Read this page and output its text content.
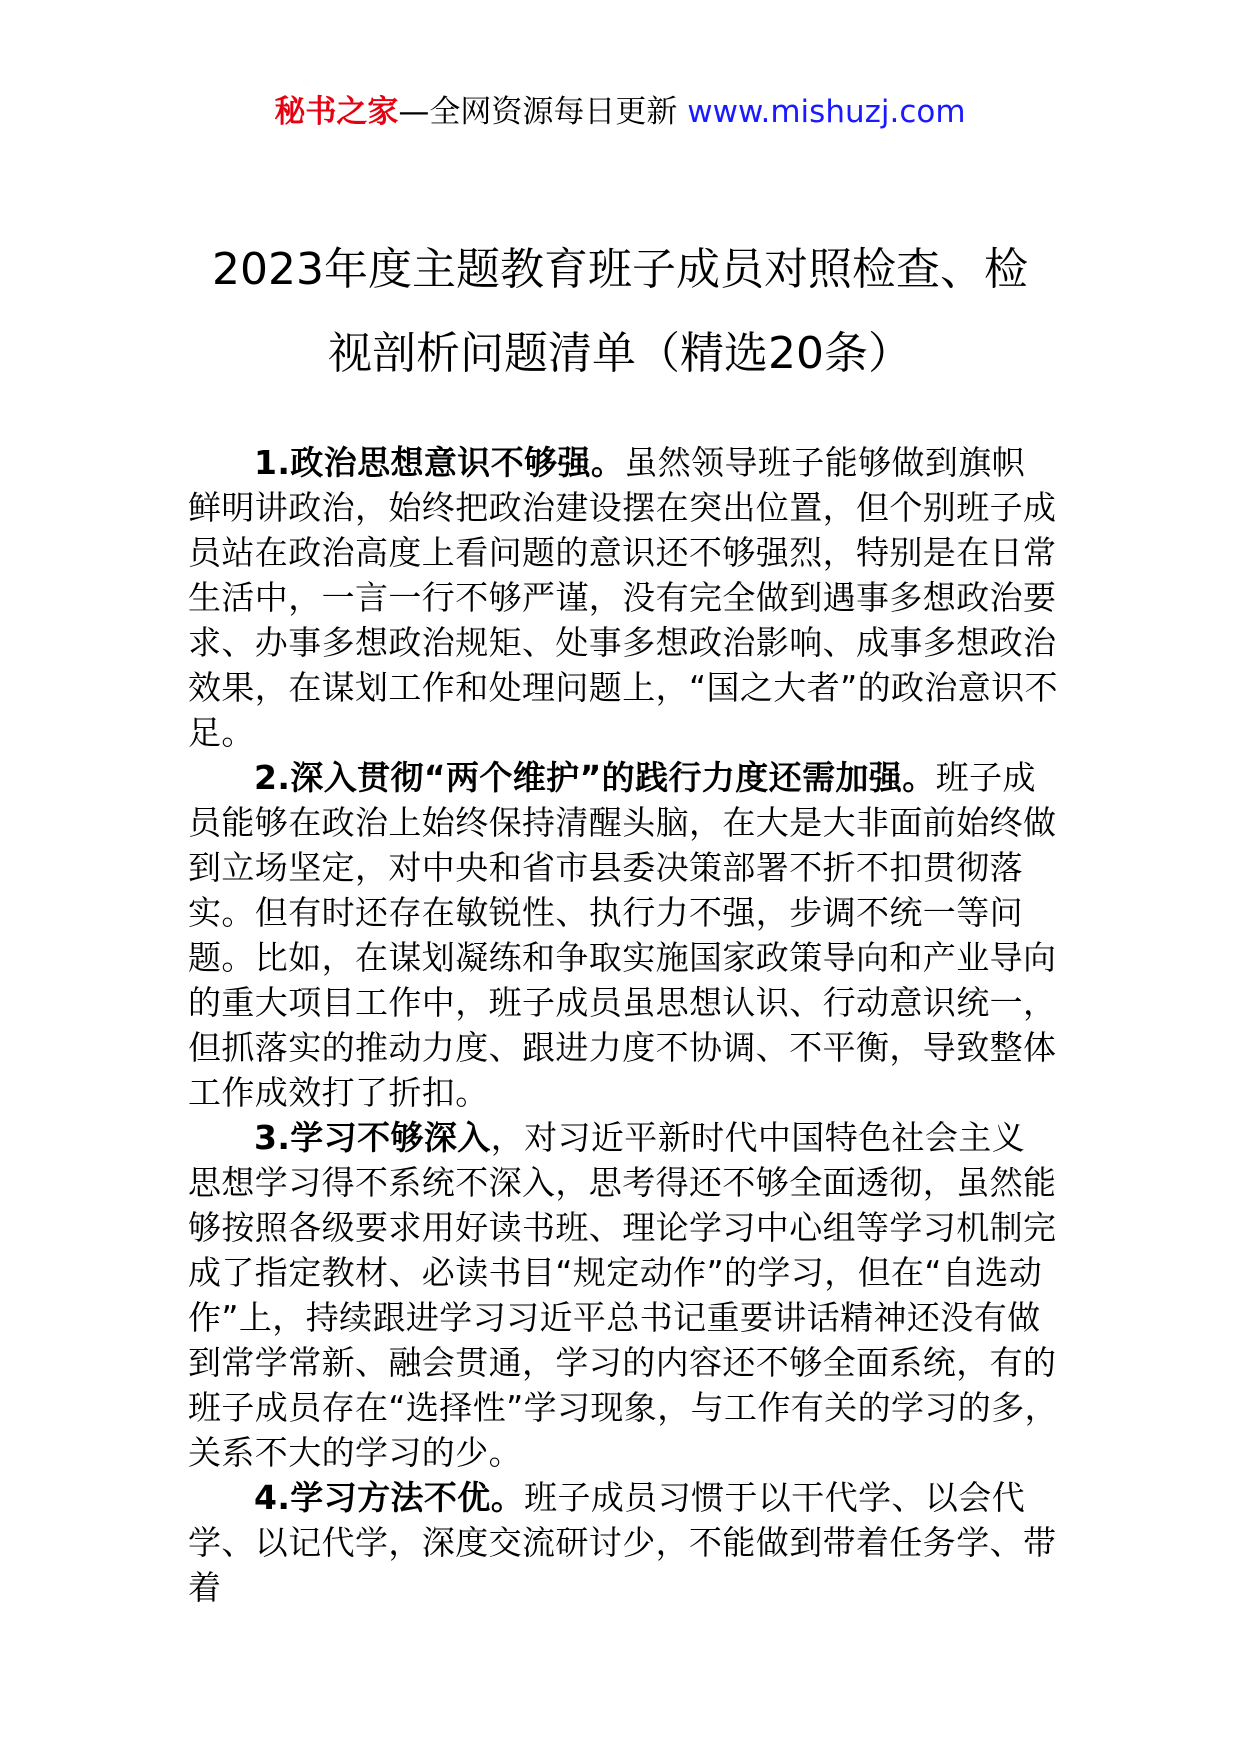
秘书之家—全网资源每日更新 www.mishuzj.com
2023年度主题教育班子成员对照检查、检
视剖析问题清单（精选20条）

1.政治思想意识不够强。虽然领导班子能够做到旗帜鲜明讲政治，始终把政治建设摆在突出位置，但个别班子成员站在政治高度上看问题的意识还不够强烈，特别是在日常生活中，一言一行不够严谨，没有完全做到遇事多想政治要求、办事多想政治规矩、处事多想政治影响、成事多想政治效果，在谋划工作和处理问题上，“国之大者”的政治意识不足。

2.深入贯彻“两个维护”的践行力度还需加强。班子成员能够在政治上始终保持清醒头脑，在大是大非面前始终做到立场坚定，对中央和省市县委决策部署不折不扣贯彻落实。但有时还存在敏锐性、执行力不强，步调不统一等问题。比如，在谋划凝练和争取实施国家政策导向和产业导向的重大项目工作中，班子成员虽思想认识、行动意识统一，但抓落实的推动力度、跟进力度不协调、不平衡，导致整体工作成效打了折扣。

3.学习不够深入，对习近平新时代中国特色社会主义思想学习得不系统不深入，思考得还不够全面透彻，虽然能够按照各级要求用好读书班、理论学习中心组等学习机制完成了指定教材、必读书目“规定动作”的学习，但在“自选动作”上，持续跟进学习习近平总书记重要讲话精神还没有做到常学常新、融会贯通，学习的内容还不够全面系统，有的班子成员存在“选择性”学习现象，与工作有关的学习的多，关系不大的学习的少。

4.学习方法不优。班子成员习惯于以干代学、以会代学、以记代学，深度交流研讨少，不能做到带着任务学、带着
